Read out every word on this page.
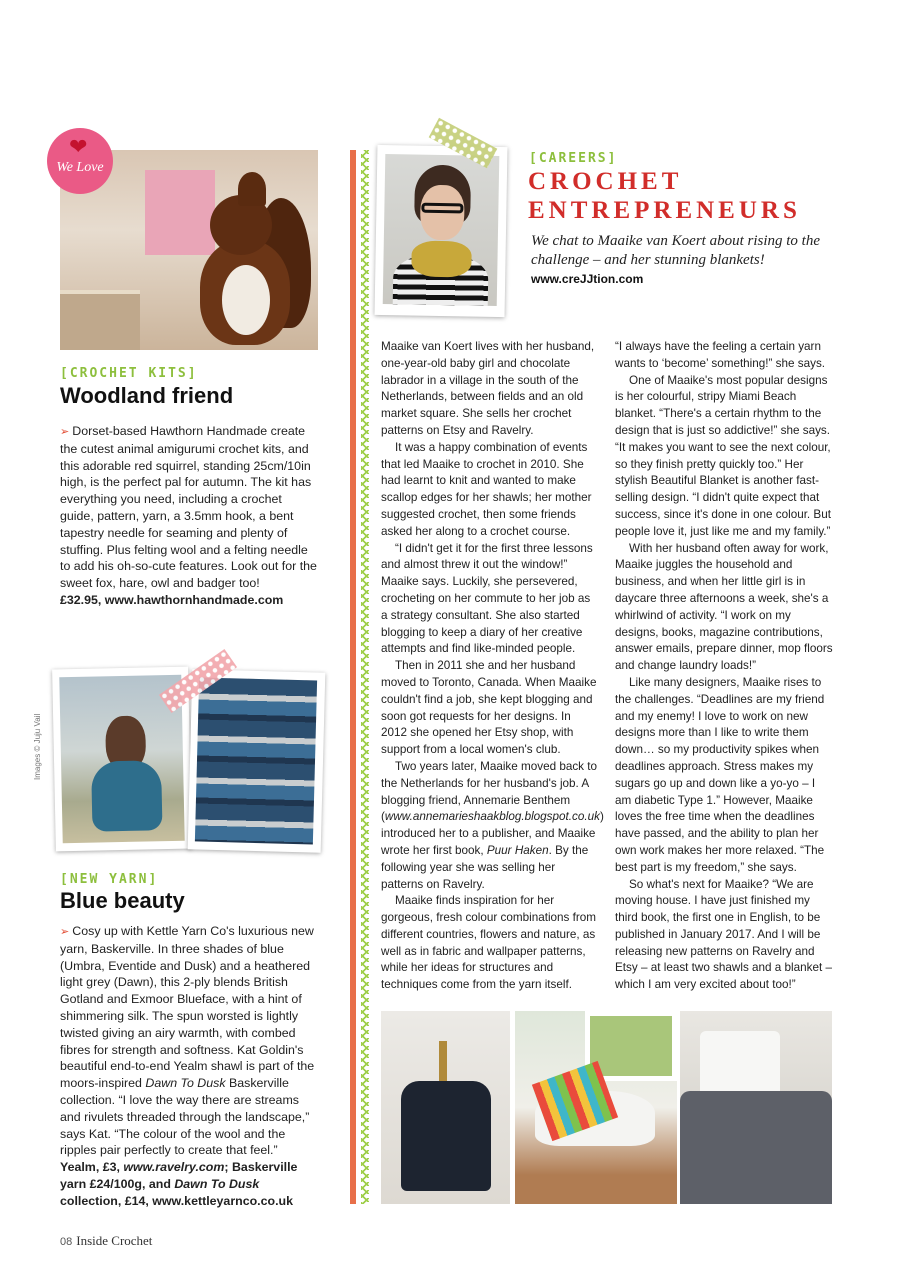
❤
We Love
[CROCHET KITS]
Woodland friend

➢ Dorset-based Hawthorn Handmade create the cutest animal amigurumi crochet kits, and this adorable red squirrel, standing 25cm/10in high, is the perfect pal for autumn. The kit has everything you need, including a crochet guide, pattern, yarn, a 3.5mm hook, a bent tapestry needle for seaming and plenty of stuffing. Plus felting wool and a felting needle to add his oh-so-cute features. Look out for the sweet fox, hare, owl and badger too!

£32.95, www.hawthornhandmade.com

Images © Juju Vail
[NEW YARN]
Blue beauty

➢ Cosy up with Kettle Yarn Co's luxurious new yarn, Baskerville. In three shades of blue (Umbra, Eventide and Dusk) and a heathered light grey (Dawn), this 2-ply blends British Gotland and Exmoor Blueface, with a hint of shimmering silk. The spun worsted is lightly twisted giving an airy warmth, with combed fibres for strength and softness. Kat Goldin's beautiful end-to-end Yealm shawl is part of the moors-inspired Dawn To Dusk Baskerville collection. “I love the way there are streams and rivulets threaded through the landscape,” says Kat. “The colour of the wool and the ripples pair perfectly to create that feel.”

Yealm, £3, www.ravelry.com; Baskerville yarn £24/100g, and Dawn To Dusk collection, £14, www.kettleyarnco.co.uk

[CAREERS]
CROCHET
ENTREPRENEURS
We chat to Maaike van Koert about rising to the challenge – and her stunning blankets!
www.creJJtion.com

Maaike van Koert lives with her husband, one-year-old baby girl and chocolate labrador in a village in the south of the Netherlands, between fields and an old market square. She sells her crochet patterns on Etsy and Ravelry.

It was a happy combination of events that led Maaike to crochet in 2010. She had learnt to knit and wanted to make scallop edges for her shawls; her mother suggested crochet, then some friends asked her along to a crochet course.

“I didn't get it for the first three lessons and almost threw it out the window!” Maaike says. Luckily, she persevered, crocheting on her commute to her job as a strategy consultant. She also started blogging to keep a diary of her creative attempts and find like-minded people.

Then in 2011 she and her husband moved to Toronto, Canada. When Maaike couldn't find a job, she kept blogging and soon got requests for her designs. In 2012 she opened her Etsy shop, with support from a local women's club.

Two years later, Maaike moved back to the Netherlands for her husband's job. A blogging friend, Annemarie Benthem (www.annemarieshaakblog.blogspot.co.uk) introduced her to a publisher, and Maaike wrote her first book, Puur Haken. By the following year she was selling her patterns on Ravelry.

Maaike finds inspiration for her gorgeous, fresh colour combinations from different countries, flowers and nature, as well as in fabric and wallpaper patterns, while her ideas for structures and techniques come from the yarn itself.

“I always have the feeling a certain yarn wants to ‘become’ something!” she says.

One of Maaike's most popular designs is her colourful, stripy Miami Beach blanket. “There's a certain rhythm to the design that is just so addictive!” she says. “It makes you want to see the next colour, so they finish pretty quickly too.” Her stylish Beautiful Blanket is another fast-selling design. “I didn't quite expect that success, since it's done in one colour. But people love it, just like me and my family.”

With her husband often away for work, Maaike juggles the household and business, and when her little girl is in daycare three afternoons a week, she's a whirlwind of activity. “I work on my designs, books, magazine contributions, answer emails, prepare dinner, mop floors and change laundry loads!”

Like many designers, Maaike rises to the challenges. “Deadlines are my friend and my enemy! I love to work on new designs more than I like to write them down… so my productivity spikes when deadlines approach. Stress makes my sugars go up and down like a yo-yo – I am diabetic Type 1.” However, Maaike loves the free time when the deadlines have passed, and the ability to plan her own work makes her more relaxed. “The best part is my freedom,” she says.

So what's next for Maaike? “We are moving house. I have just finished my third book, the first one in English, to be published in January 2017. And I will be releasing new patterns on Ravelry and Etsy – at least two shawls and a blanket – which I am very excited about too!”

08 Inside Crochet
